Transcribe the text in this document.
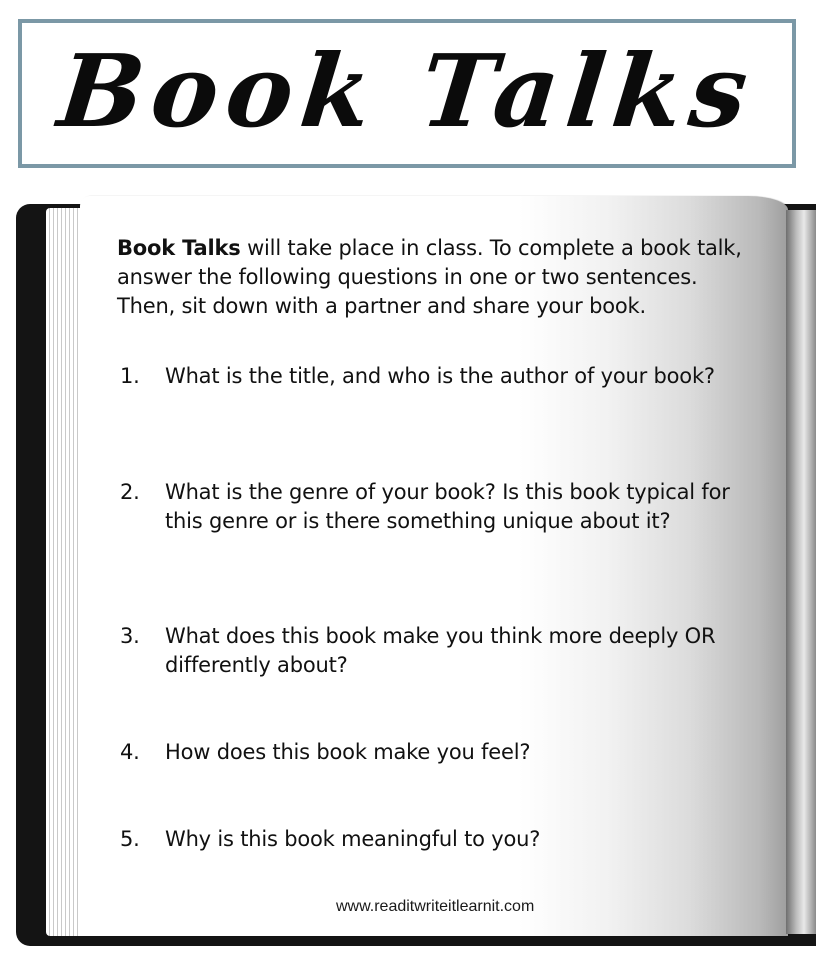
Book Talks

Book Talks will take place in class. To complete a book talk, answer the following questions in one or two sentences. Then, sit down with a partner and share your book.

1.	What is the title, and who is the author of your book?
2.	What is the genre of your book? Is this book typical for this genre or is there something unique about it?
3.	What does this book make you think more deeply OR differently about?
4.	How does this book make you feel?
5.	Why is this book meaningful to you?
www.readitwriteitlearnit.com
